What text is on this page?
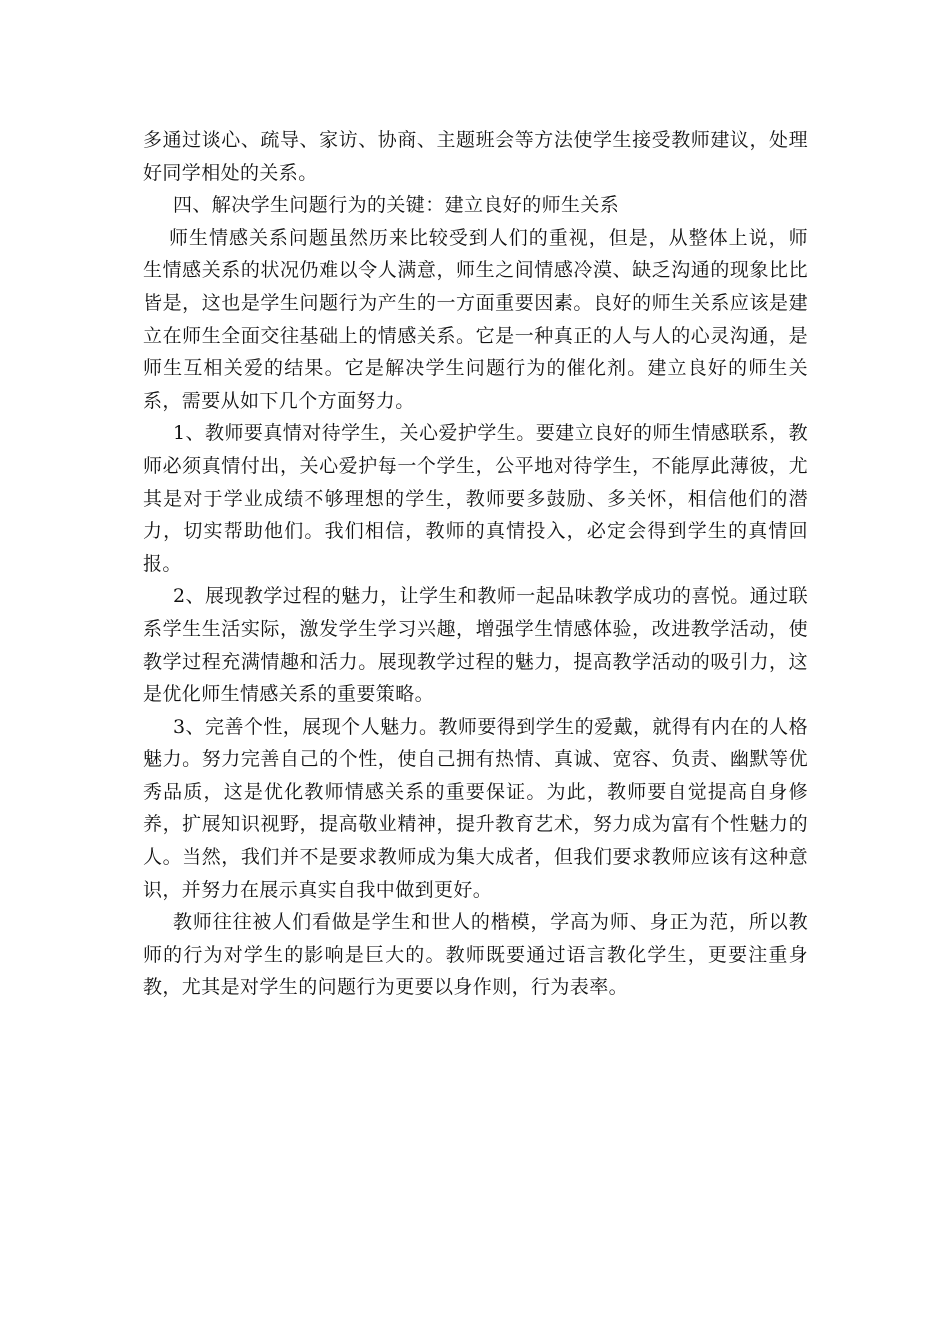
多通过谈心、疏导、家访、协商、主题班会等方法使学生接受教师建议，处理好同学相处的关系。

四、解决学生问题行为的关键：建立良好的师生关系

师生情感关系问题虽然历来比较受到人们的重视，但是，从整体上说，师生情感关系的状况仍难以令人满意，师生之间情感冷漠、缺乏沟通的现象比比皆是，这也是学生问题行为产生的一方面重要因素。良好的师生关系应该是建立在师生全面交往基础上的情感关系。它是一种真正的人与人的心灵沟通，是师生互相关爱的结果。它是解决学生问题行为的催化剂。建立良好的师生关系，需要从如下几个方面努力。

1、教师要真情对待学生，关心爱护学生。要建立良好的师生情感联系，教师必须真情付出，关心爱护每一个学生，公平地对待学生，不能厚此薄彼，尤其是对于学业成绩不够理想的学生，教师要多鼓励、多关怀，相信他们的潜力，切实帮助他们。我们相信，教师的真情投入，必定会得到学生的真情回报。

2、展现教学过程的魅力，让学生和教师一起品味教学成功的喜悦。通过联系学生生活实际，激发学生学习兴趣，增强学生情感体验，改进教学活动，使教学过程充满情趣和活力。展现教学过程的魅力，提高教学活动的吸引力，这是优化师生情感关系的重要策略。

3、完善个性，展现个人魅力。教师要得到学生的爱戴，就得有内在的人格魅力。努力完善自己的个性，使自己拥有热情、真诚、宽容、负责、幽默等优秀品质，这是优化教师情感关系的重要保证。为此，教师要自觉提高自身修养，扩展知识视野，提高敬业精神，提升教育艺术，努力成为富有个性魅力的人。当然，我们并不是要求教师成为集大成者，但我们要求教师应该有这种意识，并努力在展示真实自我中做到更好。

教师往往被人们看做是学生和世人的楷模，学高为师、身正为范，所以教师的行为对学生的影响是巨大的。教师既要通过语言教化学生，更要注重身教，尤其是对学生的问题行为更要以身作则，行为表率。
